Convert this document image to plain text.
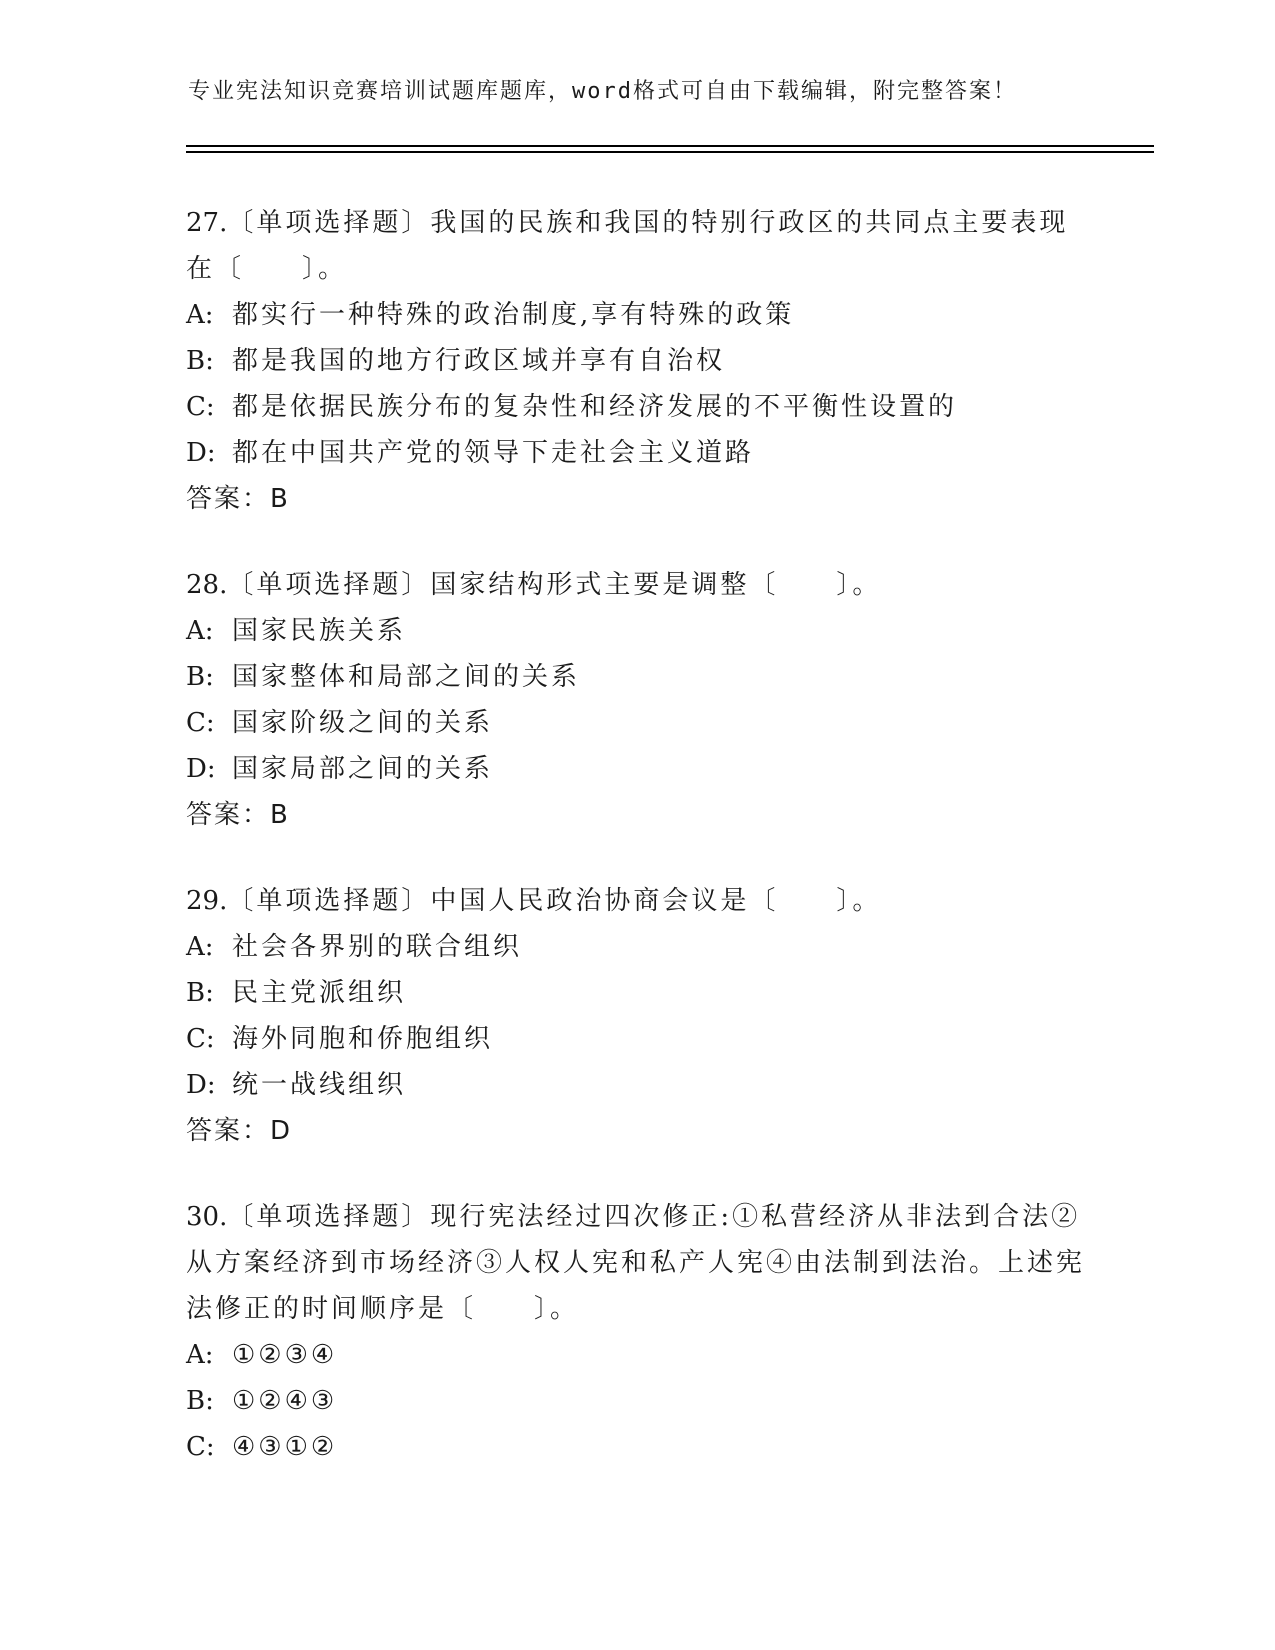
专业宪法知识竞赛培训试题库题库，word格式可自由下载编辑，附完整答案！
27.〔单项选择题〕我国的民族和我国的特别行政区的共同点主要表现在〔　　〕。
A: 都实行一种特殊的政治制度,享有特殊的政策
B: 都是我国的地方行政区域并享有自治权
C: 都是依据民族分布的复杂性和经济发展的不平衡性设置的
D: 都在中国共产党的领导下走社会主义道路
答案：B
28.〔单项选择题〕国家结构形式主要是调整〔　　〕。
A: 国家民族关系
B: 国家整体和局部之间的关系
C: 国家阶级之间的关系
D: 国家局部之间的关系
答案：B
29.〔单项选择题〕中国人民政治协商会议是〔　　〕。
A: 社会各界别的联合组织
B: 民主党派组织
C: 海外同胞和侨胞组织
D: 统一战线组织
答案：D
30.〔单项选择题〕现行宪法经过四次修正:①私营经济从非法到合法②从方案经济到市场经济③人权人宪和私产人宪④由法制到法治。上述宪法修正的时间顺序是〔　　〕。
A: ①②③④
B: ①②④③
C: ④③①②
